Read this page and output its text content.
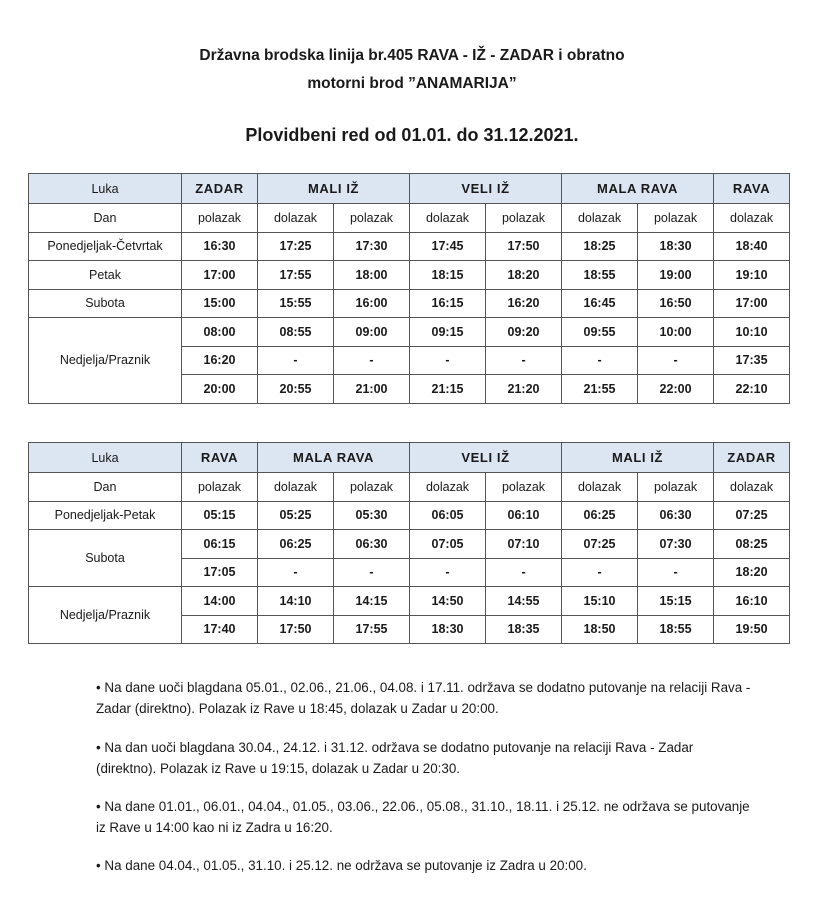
Državna brodska linija br.405 RAVA - IŽ - ZADAR i obratno
motorni brod ”ANAMARIJA”
Plovidbeni red od 01.01. do 31.12.2021.
Luka	ZADAR	MALI IŽ		VELI IŽ		MALA RAVA		RAVA
Dan	polazak	dolazak	polazak	dolazak	polazak	dolazak	polazak	dolazak
Ponedjeljak-Četvrtak	16:30	17:25	17:30	17:45	17:50	18:25	18:30	18:40
Petak	17:00	17:55	18:00	18:15	18:20	18:55	19:00	19:10
Subota	15:00	15:55	16:00	16:15	16:20	16:45	16:50	17:00
Nedjelja/Praznik	08:00	08:55	09:00	09:15	09:20	09:55	10:00	10:10
	16:20	-	-	-	-	-	-	17:35
	20:00	20:55	21:00	21:15	21:20	21:55	22:00	22:10
Luka	RAVA	MALA RAVA		VELI IŽ		MALI IŽ		ZADAR
Dan	polazak	dolazak	polazak	dolazak	polazak	dolazak	polazak	dolazak
Ponedjeljak-Petak	05:15	05:25	05:30	06:05	06:10	06:25	06:30	07:25
Subota	06:15	06:25	06:30	07:05	07:10	07:25	07:30	08:25
	17:05	-	-	-	-	-	-	18:20
Nedjelja/Praznik	14:00	14:10	14:15	14:50	14:55	15:10	15:15	16:10
	17:40	17:50	17:55	18:30	18:35	18:50	18:55	19:50
• Na dane uoči blagdana 05.01., 02.06., 21.06., 04.08. i 17.11. održava se dodatno putovanje na relaciji Rava - Zadar (direktno). Polazak iz Rave u 18:45, dolazak u Zadar u 20:00.
• Na dan uoči blagdana 30.04., 24.12. i 31.12. održava se dodatno putovanje na relaciji Rava - Zadar (direktno). Polazak iz Rave u 19:15, dolazak u Zadar u 20:30.
• Na dane 01.01., 06.01., 04.04., 01.05., 03.06., 22.06., 05.08., 31.10., 18.11. i 25.12. ne održava se putovanje iz Rave u 14:00 kao ni iz Zadra u 16:20.
• Na dane 04.04., 01.05., 31.10. i 25.12. ne održava se putovanje iz Zadra u 20:00.
